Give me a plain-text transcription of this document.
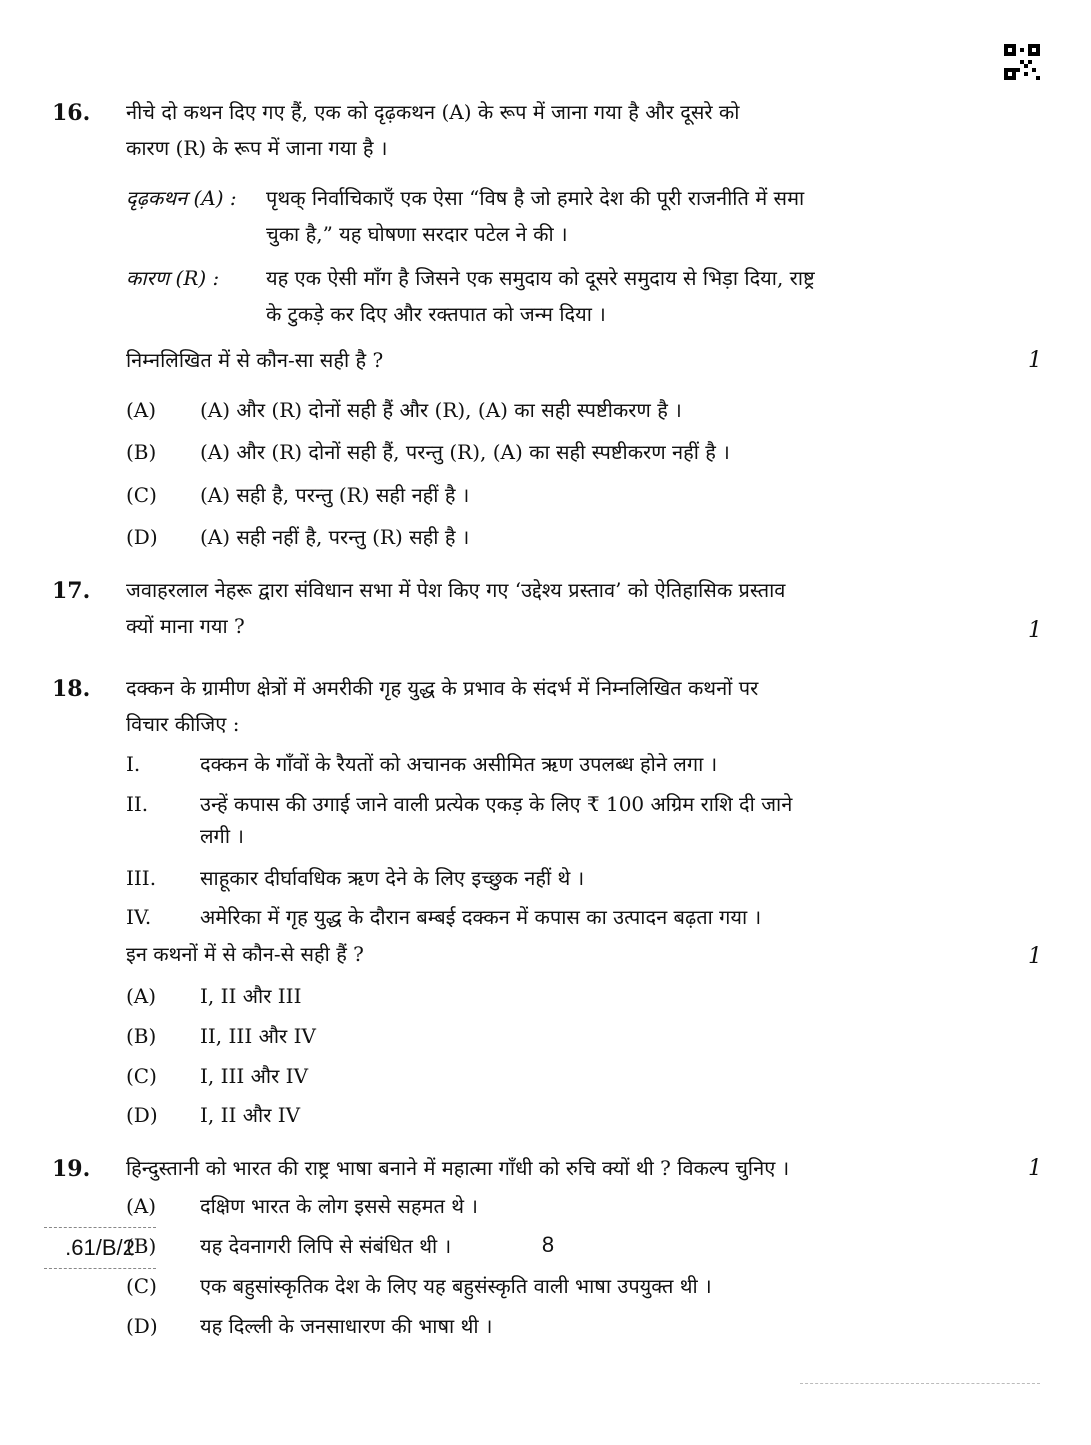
16. नीचे दो कथन दिए गए हैं, एक को दृढ़कथन (A) के रूप में जाना गया है और दूसरे को
कारण (R) के रूप में जाना गया है ।
दृढ़कथन (A) : पृथक् निर्वाचिकाएँ एक ऐसा “विष है जो हमारे देश की पूरी राजनीति में समा
चुका है,” यह घोषणा सरदार पटेल ने की ।
कारण (R) : यह एक ऐसी माँग है जिसने एक समुदाय को दूसरे समुदाय से भिड़ा दिया, राष्ट्र
के टुकड़े कर दिए और रक्तपात को जन्म दिया ।
निम्नलिखित में से कौन-सा सही है ?	1
(A) (A) और (R) दोनों सही हैं और (R), (A) का सही स्पष्टीकरण है ।
(B) (A) और (R) दोनों सही हैं, परन्तु (R), (A) का सही स्पष्टीकरण नहीं है ।
(C) (A) सही है, परन्तु (R) सही नहीं है ।
(D) (A) सही नहीं है, परन्तु (R) सही है ।
17. जवाहरलाल नेहरू द्वारा संविधान सभा में पेश किए गए ‘उद्देश्य प्रस्ताव’ को ऐतिहासिक प्रस्ताव
क्यों माना गया ?	1
18. दक्कन के ग्रामीण क्षेत्रों में अमरीकी गृह युद्ध के प्रभाव के संदर्भ में निम्नलिखित कथनों पर
विचार कीजिए :
I.	दक्कन के गाँवों के रैयतों को अचानक असीमित ऋण उपलब्ध होने लगा ।
II.	उन्हें कपास की उगाई जाने वाली प्रत्येक एकड़ के लिए ₹ 100 अग्रिम राशि दी जाने
लगी ।
III. साहूकार दीर्घावधिक ऋण देने के लिए इच्छुक नहीं थे ।
IV. अमेरिका में गृह युद्ध के दौरान बम्बई दक्कन में कपास का उत्पादन बढ़ता गया ।
इन कथनों में से कौन-से सही हैं ?	1
(A) I, II और III
(B) II, III और IV
(C) I, III और IV
(D) I, II और IV
19. हिन्दुस्तानी को भारत की राष्ट्र भाषा बनाने में महात्मा गाँधी को रुचि क्यों थी ? विकल्प चुनिए ।	1
(A) दक्षिण भारत के लोग इससे सहमत थे ।
(B) यह देवनागरी लिपि से संबंधित थी ।
(C) एक बहुसांस्कृतिक देश के लिए यह बहुसंस्कृति वाली भाषा उपयुक्त थी ।
(D) यह दिल्ली के जनसाधारण की भाषा थी ।
.61/B/2	8
